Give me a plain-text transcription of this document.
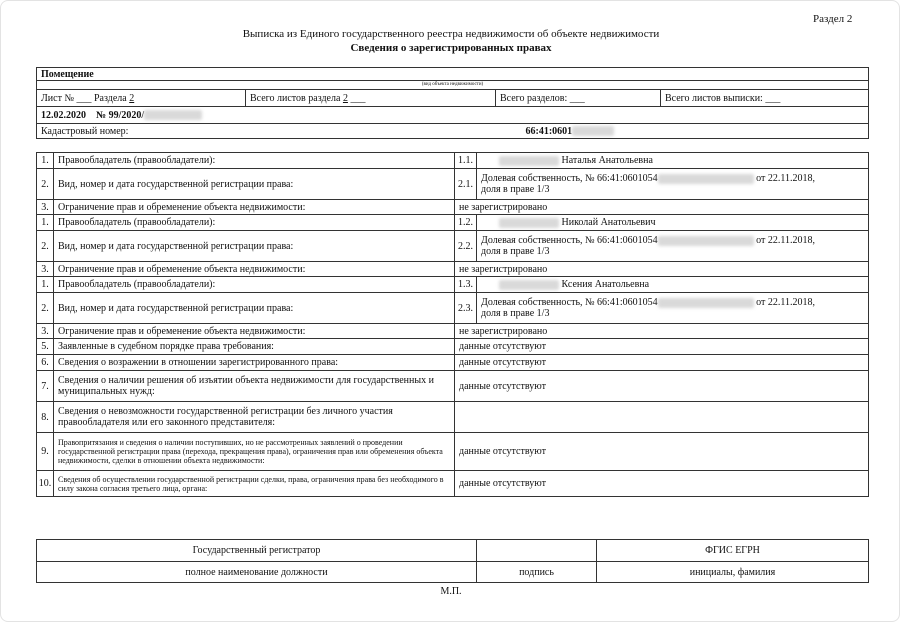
Раздел 2
Выписка из Единого государственного реестра недвижимости об объекте недвижимости
Сведения о зарегистрированных правах
Помещение			
(вид объекта недвижимости)			
Лист № ___ Раздела 2	Всего листов раздела 2 ___	Всего разделов: ___	Всего листов выписки: ___
12.02.2020 № 99/2020/			
Кадастровый номер:		66:41:0601	
1.	Правообладатель (правообладатели):	1.1.	Наталья Анатольевна
2.	Вид, номер и дата государственной регистрации права:	2.1.	Долевая собственность, № 66:41:0601054 от 22.11.2018,
доля в праве 1/3
3.	Ограничение прав и обременение объекта недвижимости:	не зарегистрировано	
1.	Правообладатель (правообладатели):	1.2.	Николай Анатольевич
2.	Вид, номер и дата государственной регистрации права:	2.2.	Долевая собственность, № 66:41:0601054 от 22.11.2018,
доля в праве 1/3
3.	Ограничение прав и обременение объекта недвижимости:	не зарегистрировано	
1.	Правообладатель (правообладатели):	1.3.	Ксения Анатольевна
2.	Вид, номер и дата государственной регистрации права:	2.3.	Долевая собственность, № 66:41:0601054 от 22.11.2018,
доля в праве 1/3
3.	Ограничение прав и обременение объекта недвижимости:	не зарегистрировано	
5.	Заявленные в судебном порядке права требования:	данные отсутствуют	
6.	Сведения о возражении в отношении зарегистрированного права:	данные отсутствуют	
7.	Сведения о наличии решения об изъятии объекта недвижимости для государственных и муниципальных нужд:	данные отсутствуют	
8.	Сведения о невозможности государственной регистрации без личного участия правообладателя или его законного представителя:		
9.	Правопритязания и сведения о наличии поступивших, но не рассмотренных заявлений о проведении государственной регистрации права (перехода, прекращения права), ограничения прав или обременения объекта недвижимости, сделки в отношении объекта недвижимости:	данные отсутствуют	
10.	Сведения об осуществлении государственной регистрации сделки, права, ограничения права без необходимого в силу закона согласия третьего лица, органа:	данные отсутствуют	
Государственный регистратор		ФГИС ЕГРН
полное наименование должности	подпись	инициалы, фамилия
М.П.
